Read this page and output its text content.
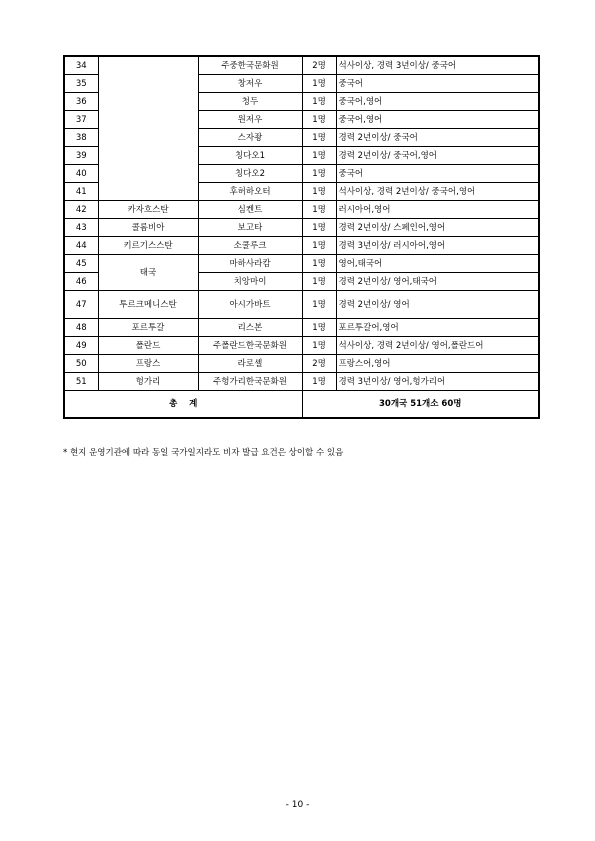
34		주중한국문화원	2명	석사이상, 경력 3년이상/ 중국어
35		창저우	1명	중국어
36		청두	1명	중국어,영어
37		원저우	1명	중국어,영어
38		스자좡	1명	경력 2년이상/ 중국어
39		칭다오1	1명	경력 2년이상/ 중국어,영어
40		칭다오2	1명	중국어
41		후허하오터	1명	석사이상, 경력 2년이상/ 중국어,영어
42	카자흐스탄	심켄트	1명	러시아어,영어
43	콜롬비아	보고타	1명	경력 2년이상/ 스페인어,영어
44	키르기스스탄	소쿨루크	1명	경력 3년이상/ 러시아어,영어
45	태국	마하사라캄	1명	영어,태국어
46		치앙마이	1명	경력 2년이상/ 영어,태국어
47	투르크메니스탄	아시가바트	1명	경력 2년이상/ 영어
48	포르투갈	리스본	1명	포르투갈어,영어
49	폴란드	주폴란드한국문화원	1명	석사이상, 경력 2년이상/ 영어,폴란드어
50	프랑스	라로셸	2명	프랑스어,영어
51	헝가리	주헝가리한국문화원	1명	경력 3년이상/ 영어,헝가리어
총    계			30개국 51개소 60명	
* 현지 운영기관에 따라 동일 국가일지라도 비자 발급 요건은 상이할 수 있음
- 10 -
